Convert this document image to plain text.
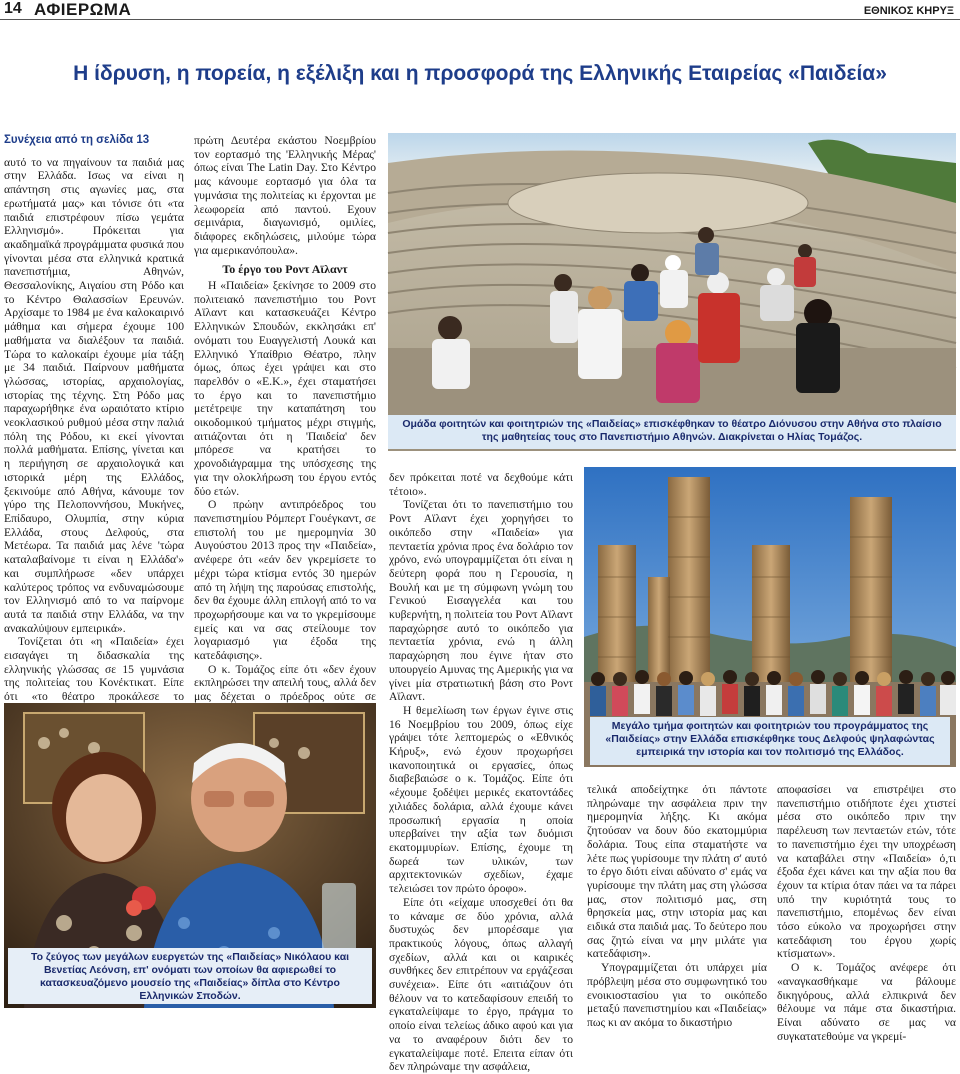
14 ΑΦΙΕΡΩΜΑ	ΕΘΝΙΚΟΣ ΚΗΡΥΞ
Η ίδρυση, η πορεία, η εξέλιξη και η προσφορά της Ελληνικής Εταιρείας «Παιδεία»

Συνέχεια από τη σελίδα 13

αυτό το να πηγαίνουν τα παιδιά μας στην Ελλάδα. Ισως να είναι η απάντηση στις αγωνίες μας, στα ερωτήματά μας» και τόνισε ότι «τα παιδιά επιστρέφουν πίσω γεμάτα Ελληνισμό». Πρόκειται για ακαδημαϊκά προγράμματα φυσικά που γίνονται μέσα στα ελληνικά κρατικά πανεπιστήμια, Αθηνών, Θεσσαλονίκης, Αιγαίου στη Ρόδο και το Κέντρο Θαλασσίων Ερευνών. Αρχίσαμε το 1984 με ένα καλοκαιρινό μάθημα και σήμερα έχουμε 100 μαθήματα να διαλέξουν τα παιδιά. Τώρα το καλοκαίρι έχουμε μία τάξη με 34 παιδιά. Παίρνουν μαθήματα γλώσσας, ιστορίας, αρχαιολογίας, ιστορίας της τέχνης. Στη Ρόδο μας παραχωρήθηκε ένα ωραιότατο κτίριο νεοκλασικού ρυθμού μέσα στην παλιά πόλη της Ρόδου, κι εκεί γίνονται πολλά μαθήματα. Επίσης, γίνεται και η περιήγηση σε αρχαιολογικά και ιστορικά μέρη της Ελλάδος, ξεκινούμε από Αθήνα, κάνουμε τον γύρο της Πελοποννήσου, Μυκήνες, Επίδαυρο, Ολυμπία, στην κύρια Ελλάδα, στους Δελφούς, στα Μετέωρα. Τα παιδιά μας λένε 'τώρα καταλαβαίνομε τι είναι η Ελλάδα'» και συμπλήρωσε «δεν υπάρχει καλύτερος τρόπος να ενδυναμώσουμε τον Ελληνισμό από το να παίρνομε αυτά τα παιδιά στην Ελλάδα, να την ανακαλύψουν εμπειρικά».

Τονίζεται ότι «η «Παιδεία» έχει εισαγάγει τη διδασκαλία της ελληνικής γλώσσας σε 15 γυμνάσια της πολιτείας του Κονέκτικατ. Είπε ότι «το θέατρο προκάλεσε το

πρώτη Δευτέρα εκάστου Νοεμβρίου τον εορτασμό της 'Ελληνικής Μέρας' όπως είναι The Latin Day. Στο Κέντρο μας κάνουμε εορτασμό για όλα τα γυμνάσια της πολιτείας κι έρχονται με λεωφορεία από παντού. Εχουν σεμινάρια, διαγωνισμό, ομιλίες, διάφορες εκδηλώσεις, μιλούμε τώρα για αμερικανόπουλα».

Το έργο του Ροντ Αϊλαντ

Η «Παιδεία» ξεκίνησε το 2009 στο πολιτειακό πανεπιστήμιο του Ροντ Αϊλαντ και κατασκευάζει Κέντρο Ελληνικών Σπουδών, εκκλησάκι επ' ονόματι του Ευαγγελιστή Λουκά και Ελληνικό Υπαίθριο Θέατρο, πλην όμως, όπως έχει γράψει και στο παρελθόν ο «Ε.Κ.», έχει σταματήσει το έργο και το πανεπιστήμιο μετέτρεψε την καταπάτηση του οικοδομικού τμήματος μέχρι στιγμής, αιτιάζονται ότι η 'Παιδεία' δεν μπόρεσε να κρατήσει το χρονοδιάγραμμα της υπόσχεσης της για την ολοκλήρωση του έργου εντός δύο ετών.

Ο πρώην αντιπρόεδρος του πανεπιστημίου Ρόμπερτ Γουέγκαντ, σε επιστολή του με ημερομηνία 30 Αυγούστου 2013 προς την «Παιδεία», ανέφερε ότι «εάν δεν γκρεμίσετε το μέχρι τώρα κτίσμα εντός 30 ημερών από τη λήψη της παρούσας επιστολής, δεν θα έχουμε άλλη επιλογή από το να προχωρήσουμε και να το γκρεμίσουμε εμείς και να σας στείλουμε τον λογαριασμό για έξοδα της κατεδάφισης».

Ο κ. Τομάζος είπε ότι «δεν έχουν εκπληρώσει την απειλή τους, αλλά δεν μας δέχεται ο πρόεδρος ούτε σε

Ομάδα φοιτητών και φοιτητριών της «Παιδείας» επισκέφθηκαν το θέατρο Διόνυσου στην Αθήνα στο πλαίσιο της μαθητείας τους στο Πανεπιστήμιο Αθηνών. Διακρίνεται ο Ηλίας Τομάζος.

δεν πρόκειται ποτέ να δεχθούμε κάτι τέτοιο».

Τονίζεται ότι το πανεπιστήμιο του Ροντ Αϊλαντ έχει χορηγήσει το οικόπεδο στην «Παιδεία» για πενταετία χρόνια προς ένα δολάριο τον χρόνο, ενώ υπογραμμίζεται ότι είναι η δεύτερη φορά που η Γερουσία, η Βουλή και με τη σύμφωνη γνώμη του Γενικού Εισαγγελέα και του κυβερνήτη, η πολιτεία του Ροντ Αϊλαντ παραχώρησε αυτό το οικόπεδο για πενταετία χρόνια, ενώ η άλλη παραχώρηση που έγινε ήταν στο υπουργείο Αμυνας της Αμερικής για να γίνει μία στρατιωτική βάση στο Ροντ Αϊλαντ.

Η θεμελίωση των έργων έγινε στις 16 Νοεμβρίου του 2009, όπως είχε γράψει τότε λεπτομερώς ο «Εθνικός Κήρυξ», ενώ έχουν προχωρήσει ικανοποιητικά οι εργασίες, όπως διαβεβαιώσε ο κ. Τομάζος. Είπε ότι «έχουμε ξοδέψει μερικές εκατοντάδες χιλιάδες δολάρια, αλλά έχουμε κάνει προσωπική εργασία η οποία υπερβαίνει την αξία των δυόμισι εκατομμυρίων. Επίσης, έχουμε τη δωρεά των υλικών, των αρχιτεκτονικών σχεδίων, έχαμε τελειώσει τον πρώτο όροφο».

Είπε ότι «είχαμε υποσχεθεί ότι θα το κάναμε σε δύο χρόνια, αλλά δυστυχώς δεν μπορέσαμε για πρακτικούς λόγους, όπως αλλαγή σχεδίων, αλλά και οι καιρικές συνθήκες δεν επιτρέπουν να εργάζεσαι συνέχεια». Είπε ότι «αιτιάζουν ότι θέλουν να το κατεδαφίσουν επειδή το εγκαταλείψαμε το έργο, πράγμα το οποίο είναι τελείως άδικο αφού και για να το αναφέρουν διότι δεν το εγκαταλείψαμε ποτέ. Επειτα είπαν ότι δεν πληρώναμε την ασφάλεια,

Μεγάλο τμήμα φοιτητών και φοιτητριών του προγράμματος της «Παιδείας» στην Ελλάδα επισκέφθηκε τους Δελφούς ψηλαφώντας εμπειρικά την ιστορία και τον πολιτισμό της Ελλάδος.

τελικά αποδείχτηκε ότι πάντοτε πληρώναμε την ασφάλεια πριν την ημερομηνία λήξης. Κι ακόμα ζητούσαν να δουν δύο εκατομμύρια δολάρια. Τους είπα σταματήστε να λέτε πως γυρίσουμε την πλάτη σ' αυτό το έργο διότι είναι αδύνατο σ' εμάς να γυρίσουμε την πλάτη μας στη γλώσσα μας, στον πολιτισμό μας, στη θρησκεία μας, στην ιστορία μας και ειδικά στα παιδιά μας. Το δεύτερο που σας ζητώ είναι να μην μιλάτε για κατεδάφιση».

Υπογραμμίζεται ότι υπάρχει μία πρόβλεψη μέσα στο συμφωνητικό του ενοικιοστασίου για το οικόπεδο μεταξύ πανεπιστημίου και «Παιδείας» πως κι αν ακόμα το δικαστήριο

αποφασίσει να επιστρέψει στο πανεπιστήμιο οτιδήποτε έχει χτιστεί μέσα στο οικόπεδο πριν την παρέλευση των πενταετών ετών, τότε το πανεπιστήμιο έχει την υποχρέωση να καταβάλει στην «Παιδεία» ό,τι έξοδα έχει κάνει και την αξία που θα έχουν τα κτίρια όταν πάει να τα πάρει υπό την κυριότητά τους το πανεπιστήμιο, επομένως δεν είναι τόσο εύκολο να προχωρήσει στην κατεδάφιση του έργου χωρίς κτίσματων».

Ο κ. Τομάζος ανέφερε ότι «αναγκασθήκαμε να βάλουμε δικηγόρους, αλλά ελπικρινά δεν θέλουμε να πάμε στα δικαστήρια. Είναι αδύνατο σε μας να συγκατατεθούμε να γκρεμί-

Το ζεύγος των μεγάλων ευεργετών της «Παιδείας» Νικόλαου και Βενετίας Λεόνση, επ' ονόματι των οποίων θα αφιερωθεί το κατασκευαζόμενο μουσείο της «Παιδείας» δίπλα στο Κέντρο Ελληνικών Σποδών.
